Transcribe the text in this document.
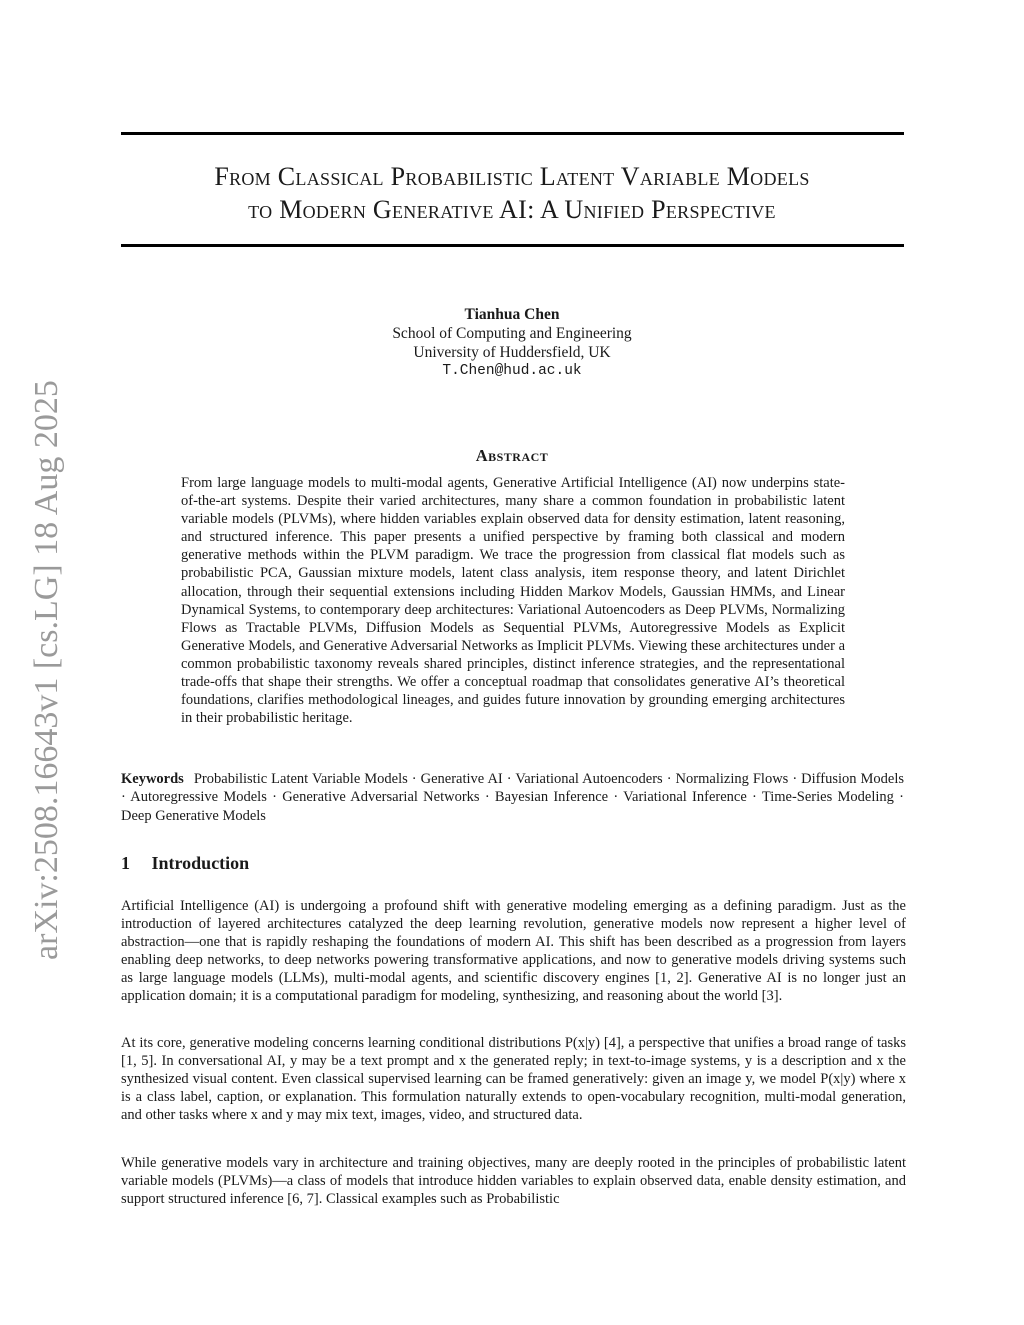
arXiv:2508.16643v1 [cs.LG] 18 Aug 2025
From Classical Probabilistic Latent Variable Models
to Modern Generative AI: A Unified Perspective
Tianhua Chen
School of Computing and Engineering
University of Huddersfield, UK
T.Chen@hud.ac.uk
Abstract
From large language models to multi-modal agents, Generative Artificial Intelligence (AI) now underpins state-of-the-art systems. Despite their varied architectures, many share a common foundation in probabilistic latent variable models (PLVMs), where hidden variables explain observed data for density estimation, latent reasoning, and structured inference. This paper presents a unified perspective by framing both classical and modern generative methods within the PLVM paradigm. We trace the progression from classical flat models such as probabilistic PCA, Gaussian mixture models, latent class analysis, item response theory, and latent Dirichlet allocation, through their sequential extensions including Hidden Markov Models, Gaussian HMMs, and Linear Dynamical Systems, to contemporary deep architectures: Variational Autoencoders as Deep PLVMs, Normalizing Flows as Tractable PLVMs, Diffusion Models as Sequential PLVMs, Autoregressive Models as Explicit Generative Models, and Generative Adversarial Networks as Implicit PLVMs. Viewing these architectures under a common probabilistic taxonomy reveals shared principles, distinct inference strategies, and the representational trade-offs that shape their strengths. We offer a conceptual roadmap that consolidates generative AI’s theoretical foundations, clarifies methodological lineages, and guides future innovation by grounding emerging architectures in their probabilistic heritage.
Keywords Probabilistic Latent Variable Models · Generative AI · Variational Autoencoders · Normalizing Flows · Diffusion Models · Autoregressive Models · Generative Adversarial Networks · Bayesian Inference · Variational Inference · Time-Series Modeling · Deep Generative Models
1 Introduction
Artificial Intelligence (AI) is undergoing a profound shift with generative modeling emerging as a defining paradigm. Just as the introduction of layered architectures catalyzed the deep learning revolution, generative models now represent a higher level of abstraction—one that is rapidly reshaping the foundations of modern AI. This shift has been described as a progression from layers enabling deep networks, to deep networks powering transformative applications, and now to generative models driving systems such as large language models (LLMs), multi-modal agents, and scientific discovery engines [1, 2]. Generative AI is no longer just an application domain; it is a computational paradigm for modeling, synthesizing, and reasoning about the world [3].
At its core, generative modeling concerns learning conditional distributions P(x|y) [4], a perspective that unifies a broad range of tasks [1, 5]. In conversational AI, y may be a text prompt and x the generated reply; in text-to-image systems, y is a description and x the synthesized visual content. Even classical supervised learning can be framed generatively: given an image y, we model P(x|y) where x is a class label, caption, or explanation. This formulation naturally extends to open-vocabulary recognition, multi-modal generation, and other tasks where x and y may mix text, images, video, and structured data.
While generative models vary in architecture and training objectives, many are deeply rooted in the principles of probabilistic latent variable models (PLVMs)—a class of models that introduce hidden variables to explain observed data, enable density estimation, and support structured inference [6, 7]. Classical examples such as Probabilistic
